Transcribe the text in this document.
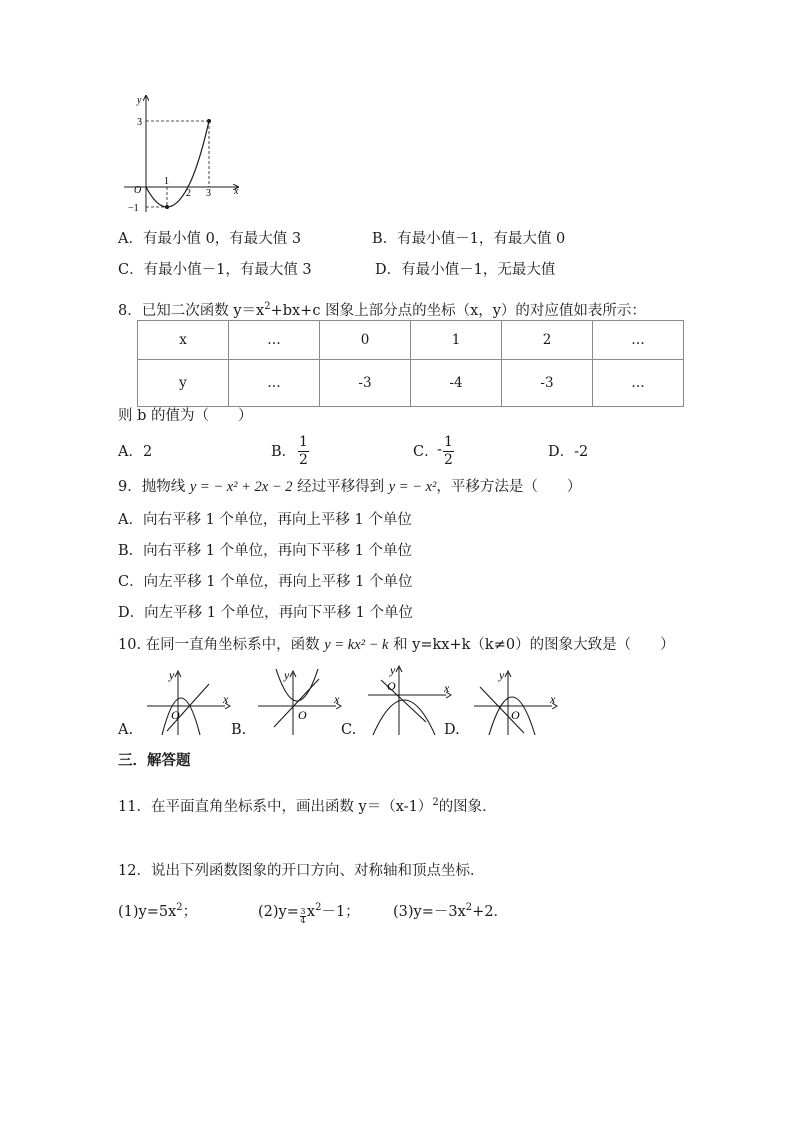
y
x
O
1
2 3
3
−1
A．有最小值 0，有最大值 3	B．有最小值－1，有最大值 0
C．有最小值－1，有最大值 3	D．有最小值－1，无最大值
8．已知二次函数 $y=x^2+bx+c$ 图象上部分点的坐标（x，y）的对应值如表所示：
x	…	0	1	2	…
y	…	-3	-4	-3	…
则 b 的值为（　　）
A．2	B．
1
2	C．
- 1
2	D．-2
9．抛物线 y = − x² + 2x − 2 经过平移得到 y = − x²，平移方法是（　　）
A．向右平移 1 个单位，再向上平移 1 个单位
B．向右平移 1 个单位，再向下平移 1 个单位
C．向左平移 1 个单位，再向上平移 1 个单位
D．向左平移 1 个单位，再向下平移 1 个单位
10. 在同一直角坐标系中，函数 y = kx² − k 和 y=kx+k（k≠0）的图象大致是（　　）
y
x
O
A.
y
x
O
B.
y
x
O
C.
y
x
O
D.
三．解答题
11．在平面直角坐标系中，画出函数 $y=(x-1)^2$的图象．
12．说出下列函数图象的开口方向、对称轴和顶点坐标．
$(1)y=5x^2$；	$(2)y= \frac{3}{4} x^2-1$； $(3)y=-3x^2+2$．
